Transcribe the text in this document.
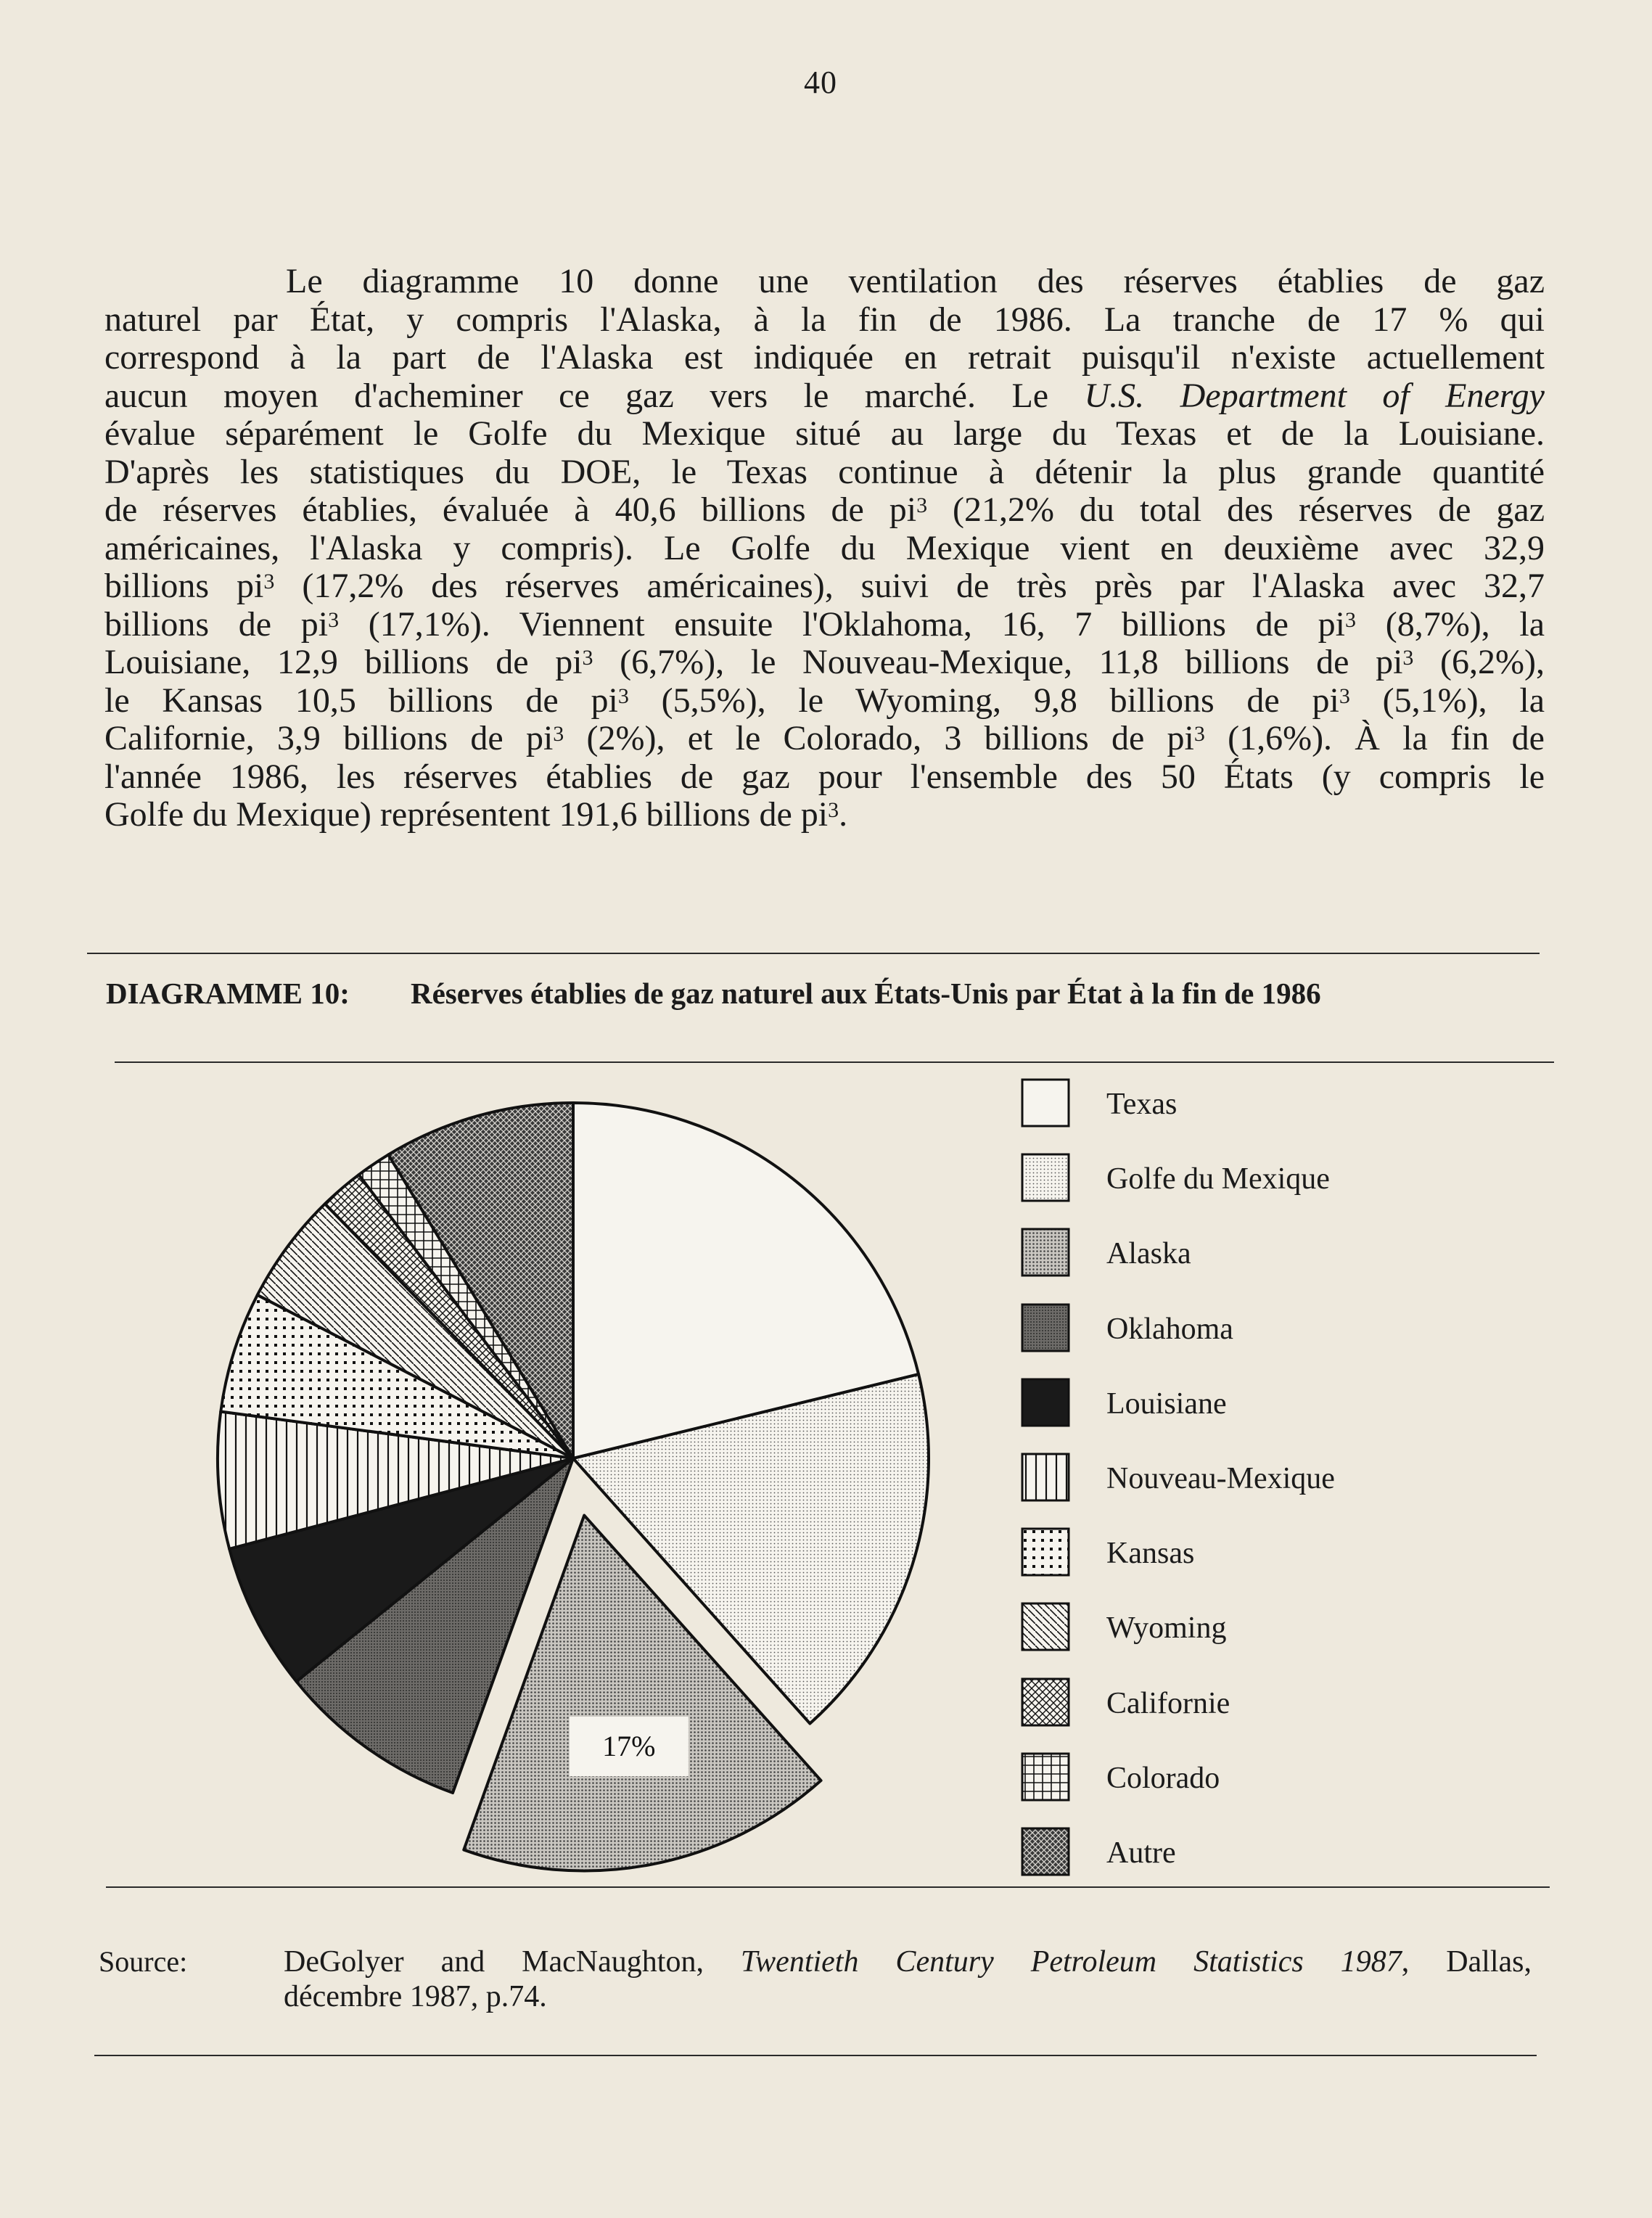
40

Le diagramme 10 donne une ventilation des réserves établies de gaz
naturel par État, y compris l'Alaska, à la fin de 1986. La tranche de 17 % qui
correspond à la part de l'Alaska est indiquée en retrait puisqu'il n'existe actuellement
aucun moyen d'acheminer ce gaz vers le marché. Le U.S. Department of Energy
évalue séparément le Golfe du Mexique situé au large du Texas et de la Louisiane.
D'après les statistiques du DOE, le Texas continue à détenir la plus grande quantité
de réserves établies, évaluée à 40,6 billions de $pi^3$ (21,2% du total des réserves de gaz
américaines, l'Alaska y compris). Le Golfe du Mexique vient en deuxième avec 32,9
billions $pi^3$ (17,2% des réserves américaines), suivi de très près par l'Alaska avec 32,7
billions de $pi^3$ (17,1%). Viennent ensuite l'Oklahoma, 16, 7 billions de $pi^3$ (8,7%), la
Louisiane, 12,9 billions de $pi^3$ (6,7%), le Nouveau-Mexique, 11,8 billions de $pi^3$ (6,2%),
le Kansas 10,5 billions de $pi^3$ (5,5%), le Wyoming, 9,8 billions de $pi^3$ (5,1%), la
Californie, 3,9 billions de $pi^3$ (2%), et le Colorado, 3 billions de $pi^3$ (1,6%). À la fin de
l'année 1986, les réserves établies de gaz pour l'ensemble des 50 États (y compris le
Golfe du Mexique) représentent 191,6 billions de $pi^3$.

DIAGRAMME 10: Réserves établies de gaz naturel aux États-Unis par État à la fin de 1986
17%
Texas
Golfe du Mexique
Alaska
Oklahoma
Louisiane
Nouveau-Mexique
Kansas
Wyoming
Californie
Colorado
Autre
Source:	DeGolyer and MacNaughton, Twentieth Century Petroleum Statistics 1987, Dallas,
décembre 1987, p.74.
